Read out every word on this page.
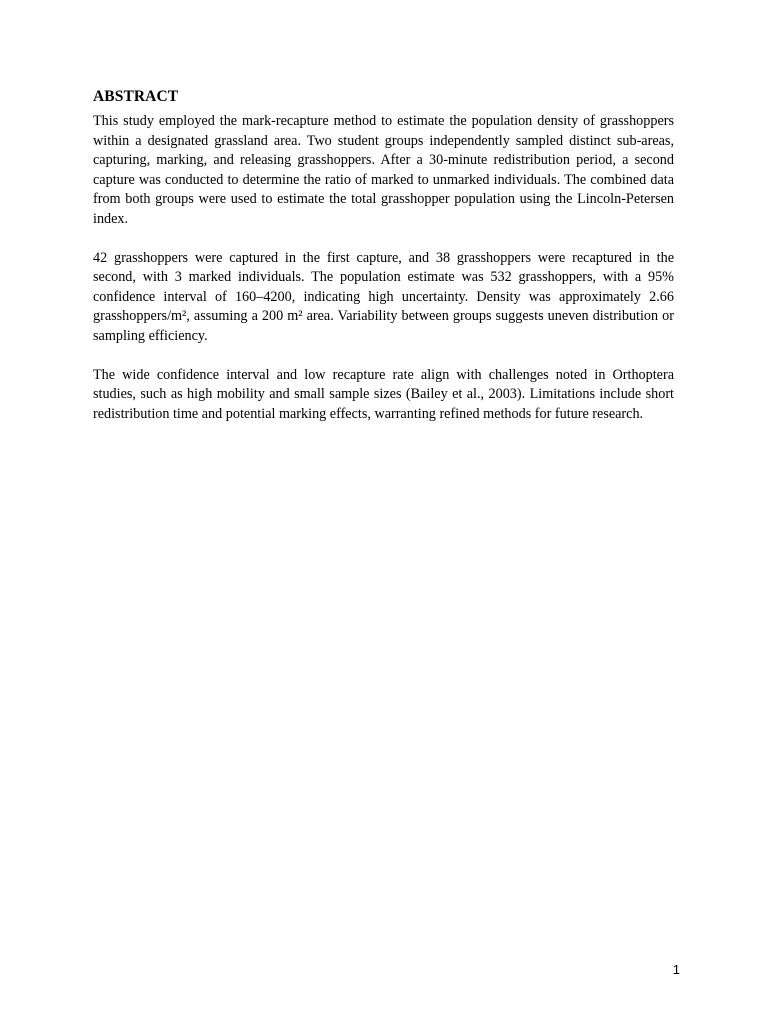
ABSTRACT

This study employed the mark-recapture method to estimate the population density of grasshoppers within a designated grassland area. Two student groups independently sampled distinct sub-areas, capturing, marking, and releasing grasshoppers. After a 30-minute redistribution period, a second capture was conducted to determine the ratio of marked to unmarked individuals. The combined data from both groups were used to estimate the total grasshopper population using the Lincoln-Petersen index.

42 grasshoppers were captured in the first capture, and 38 grasshoppers were recaptured in the second, with 3 marked individuals. The population estimate was 532 grasshoppers, with a 95% confidence interval of 160–4200, indicating high uncertainty. Density was approximately 2.66 grasshoppers/m², assuming a 200 m² area. Variability between groups suggests uneven distribution or sampling efficiency.

The wide confidence interval and low recapture rate align with challenges noted in Orthoptera studies, such as high mobility and small sample sizes (Bailey et al., 2003). Limitations include short redistribution time and potential marking effects, warranting refined methods for future research.

1
